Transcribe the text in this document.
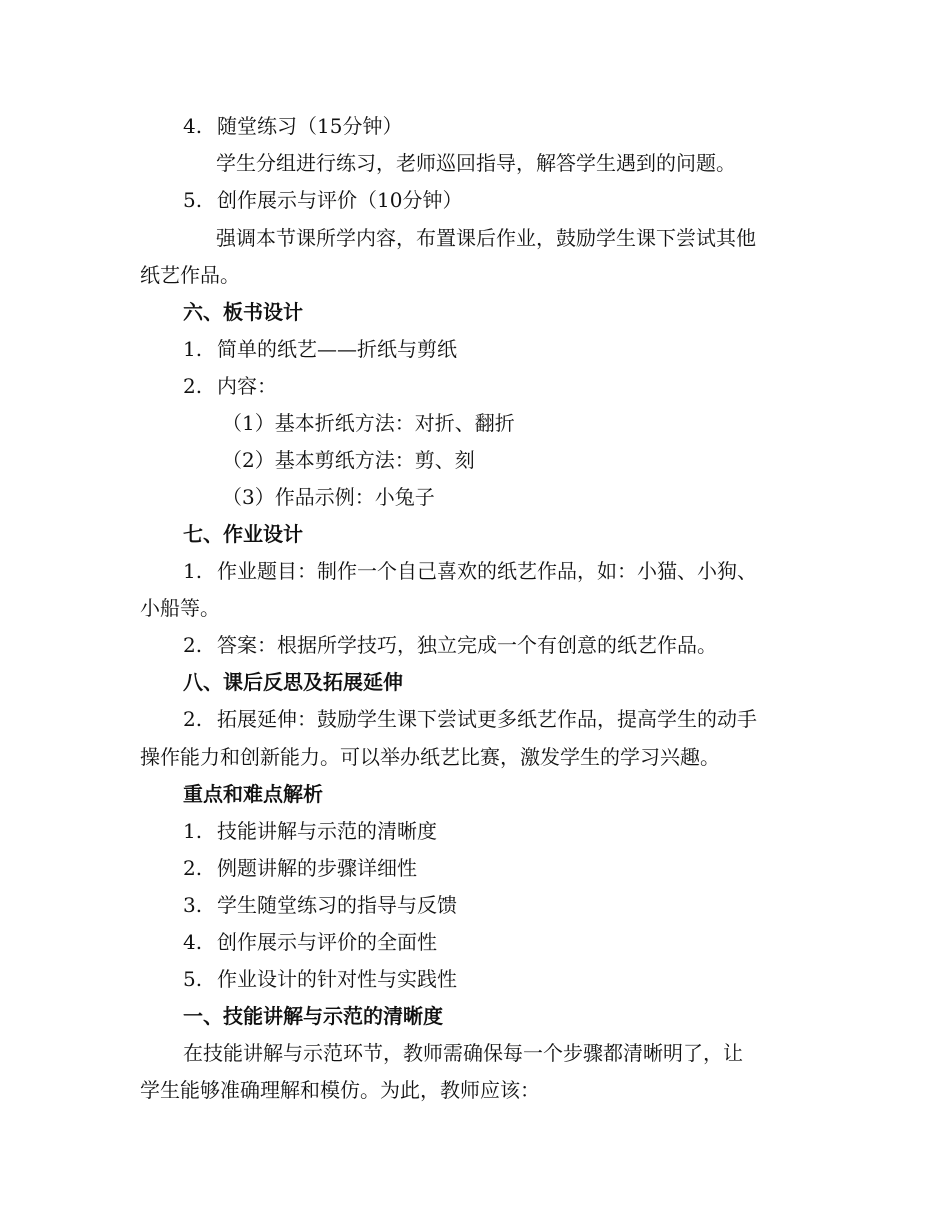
4. 随堂练习（15分钟）
学生分组进行练习，老师巡回指导，解答学生遇到的问题。
5. 创作展示与评价（10分钟）
强调本节课所学内容，布置课后作业，鼓励学生课下尝试其他
纸艺作品。
六、板书设计
1. 简单的纸艺——折纸与剪纸
2. 内容：
（1）基本折纸方法：对折、翻折
（2）基本剪纸方法：剪、刻
（3）作品示例：小兔子
七、作业设计
1. 作业题目：制作一个自己喜欢的纸艺作品，如：小猫、小狗、
小船等。
2. 答案：根据所学技巧，独立完成一个有创意的纸艺作品。
八、课后反思及拓展延伸
2. 拓展延伸：鼓励学生课下尝试更多纸艺作品，提高学生的动手
操作能力和创新能力。可以举办纸艺比赛，激发学生的学习兴趣。
重点和难点解析
1. 技能讲解与示范的清晰度
2. 例题讲解的步骤详细性
3. 学生随堂练习的指导与反馈
4. 创作展示与评价的全面性
5. 作业设计的针对性与实践性
一、技能讲解与示范的清晰度
在技能讲解与示范环节，教师需确保每一个步骤都清晰明了，让
学生能够准确理解和模仿。为此，教师应该：
